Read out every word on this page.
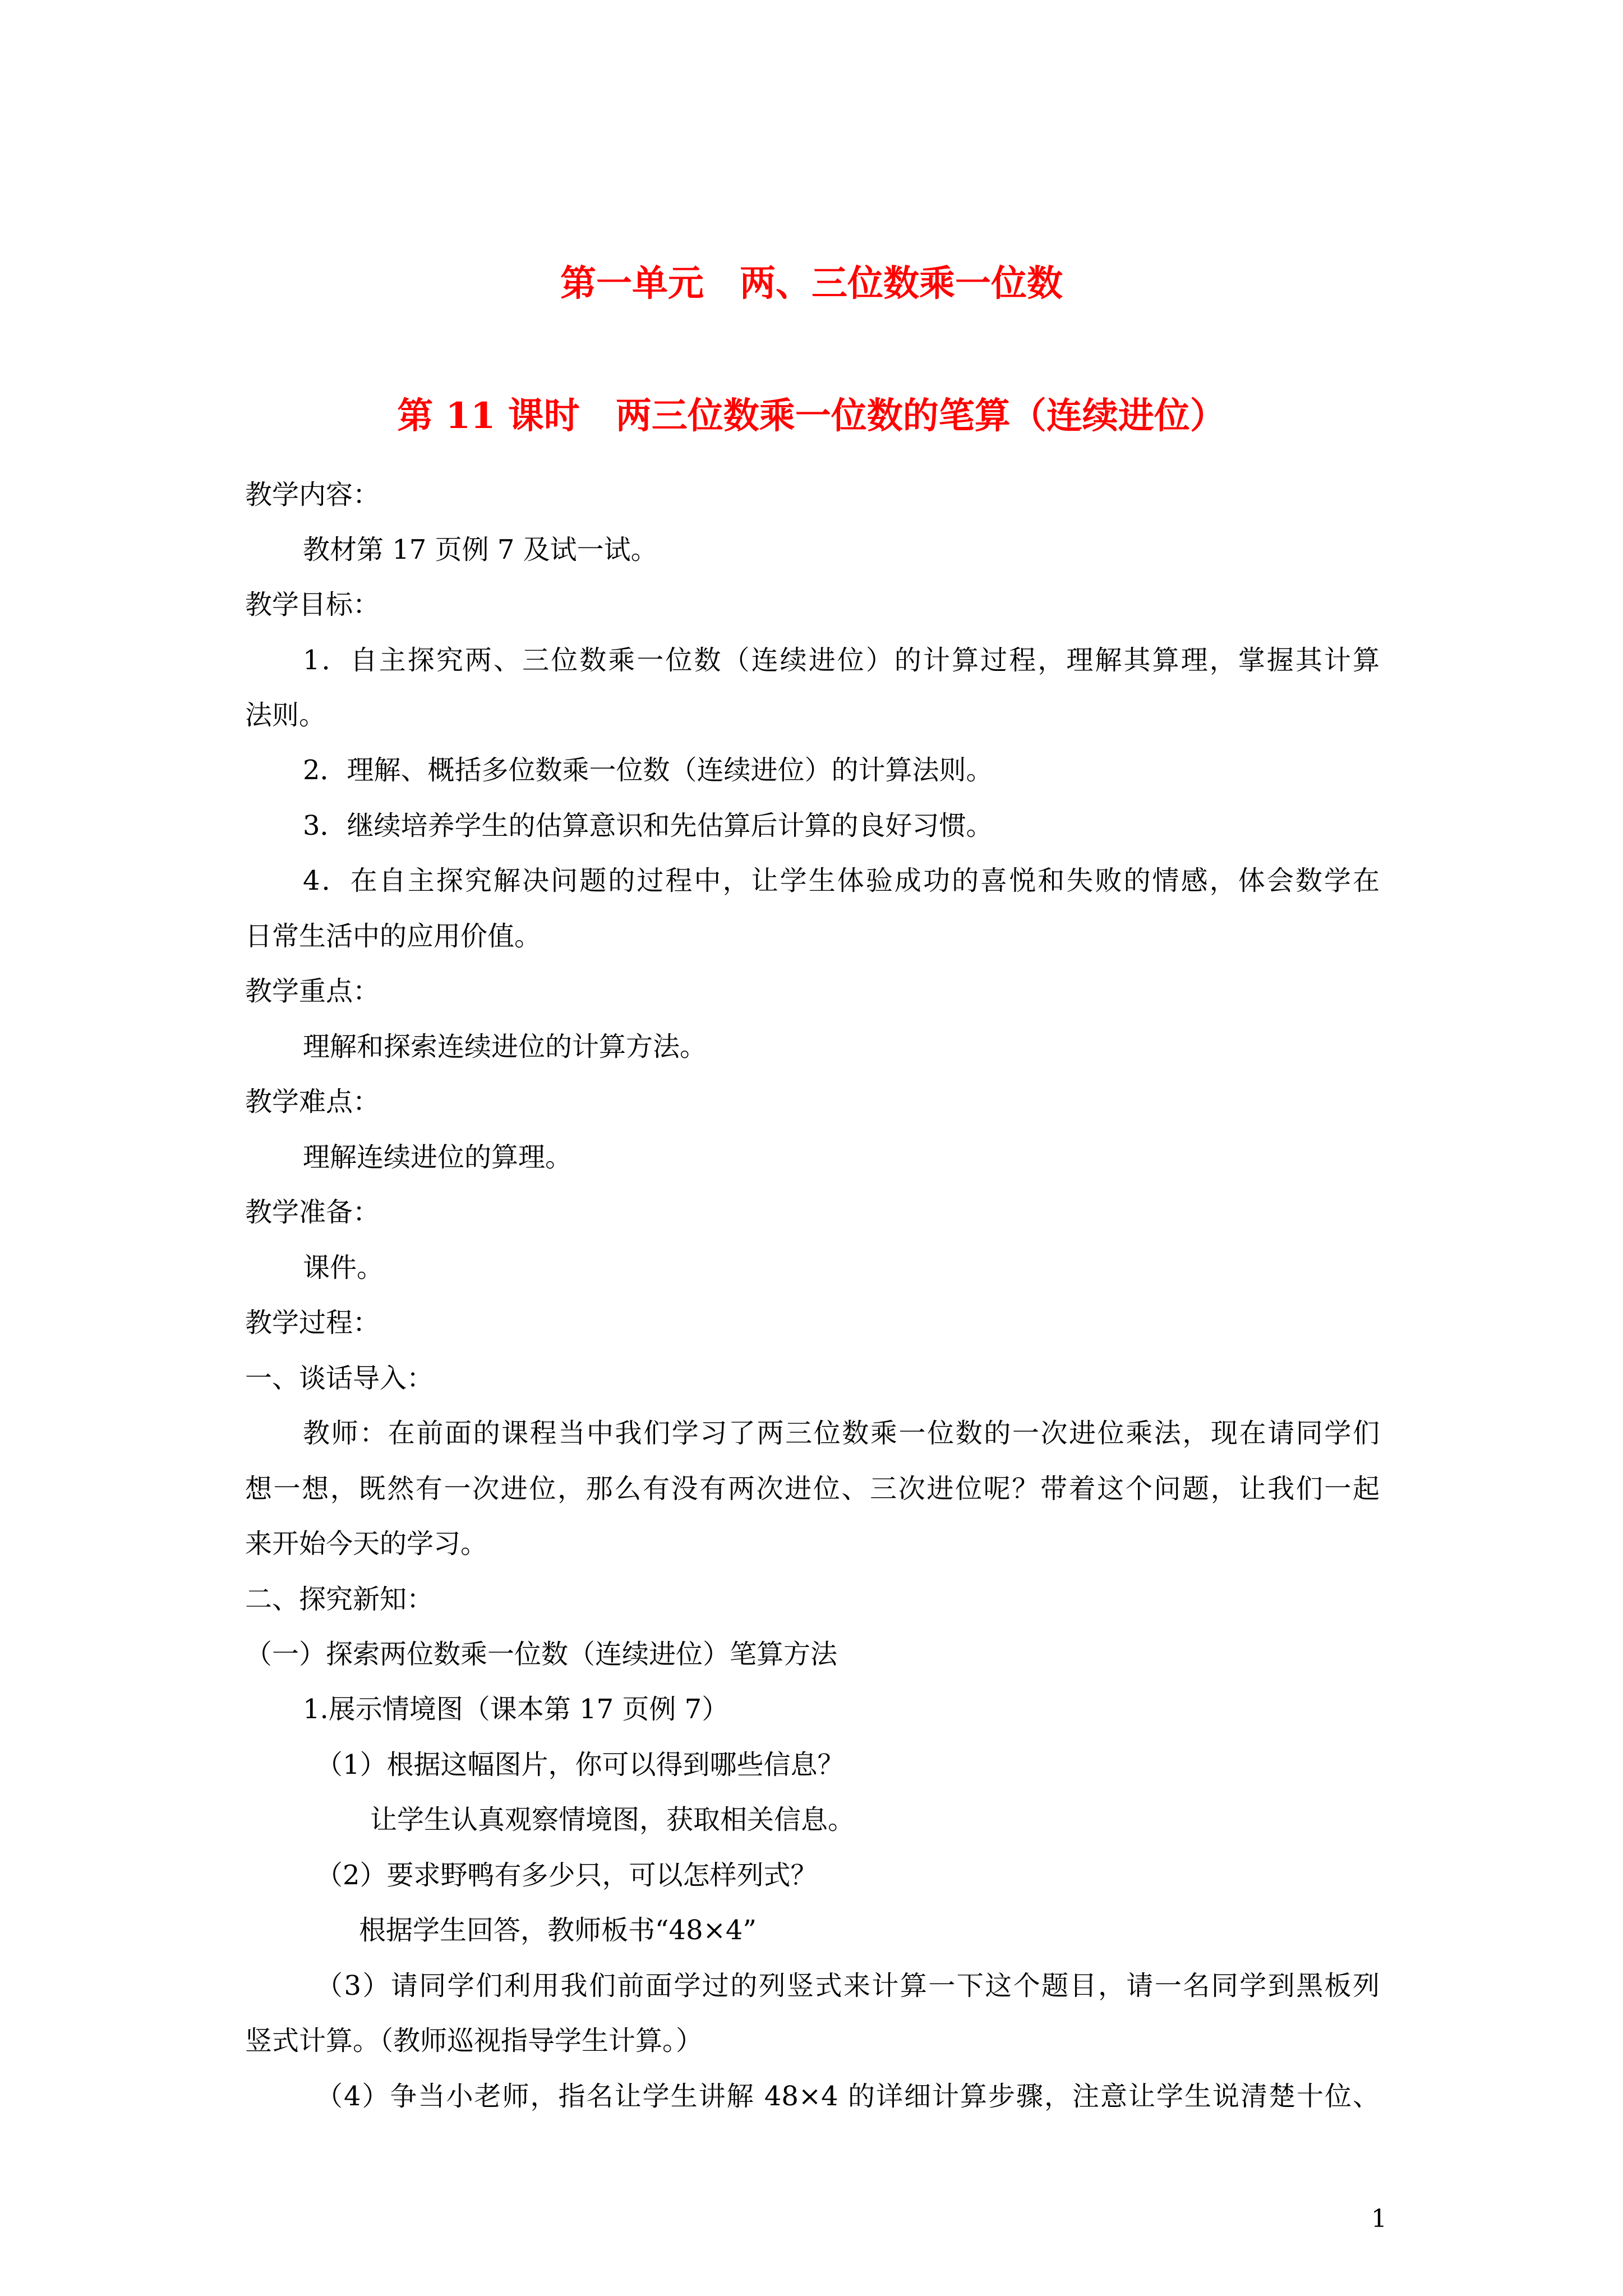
第一单元　两、三位数乘一位数
第 11 课时　两三位数乘一位数的笔算（连续进位）
教学内容：
教材第 17 页例 7 及试一试。
教学目标：
1．自主探究两、三位数乘一位数（连续进位）的计算过程，理解其算理，掌握其计算
法则。
2．理解、概括多位数乘一位数（连续进位）的计算法则。
3．继续培养学生的估算意识和先估算后计算的良好习惯。
4．在自主探究解决问题的过程中，让学生体验成功的喜悦和失败的情感，体会数学在
日常生活中的应用价值。
教学重点：
理解和探索连续进位的计算方法。
教学难点：
理解连续进位的算理。
教学准备：
课件。
教学过程：
一、谈话导入：
教师：在前面的课程当中我们学习了两三位数乘一位数的一次进位乘法，现在请同学们
想一想，既然有一次进位，那么有没有两次进位、三次进位呢？带着这个问题，让我们一起
来开始今天的学习。
二、探究新知：
（一）探索两位数乘一位数（连续进位）笔算方法
1.展示情境图（课本第 17 页例 7）
（1）根据这幅图片，你可以得到哪些信息？
让学生认真观察情境图，获取相关信息。
（2）要求野鸭有多少只，可以怎样列式？
根据学生回答，教师板书“48×4”
（3）请同学们利用我们前面学过的列竖式来计算一下这个题目，请一名同学到黑板列
竖式计算。（教师巡视指导学生计算。）
（4）争当小老师，指名让学生讲解 48×4 的详细计算步骤，注意让学生说清楚十位、
1
